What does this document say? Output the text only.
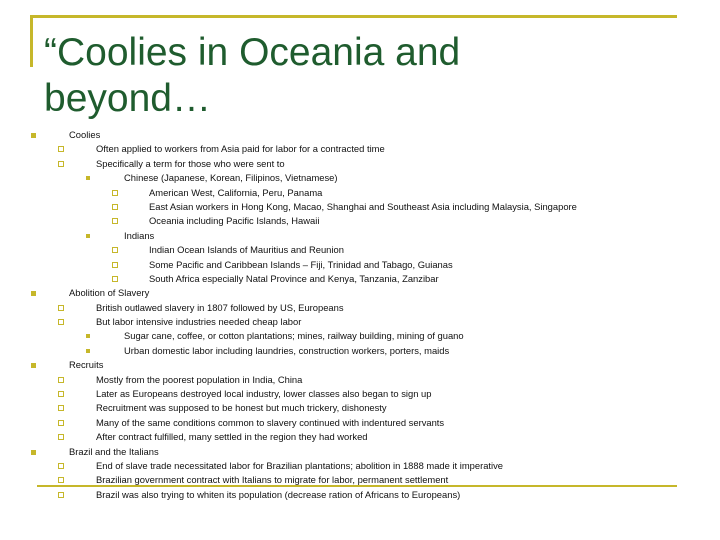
“Coolies in Oceania and
beyond…
Coolies
Often applied to workers from Asia paid for labor for a contracted time
Specifically a term for those who were sent to
Chinese (Japanese, Korean, Filipinos, Vietnamese)
American West, California, Peru, Panama
East Asian workers in Hong Kong, Macao, Shanghai and Southeast Asia including Malaysia, Singapore
Oceania including Pacific Islands, Hawaii
Indians
Indian Ocean Islands of Mauritius and Reunion
Some Pacific and Caribbean Islands – Fiji, Trinidad and Tabago, Guianas
South Africa especially Natal Province and Kenya, Tanzania, Zanzibar
Abolition of Slavery
British outlawed slavery in 1807 followed by US, Europeans
But labor intensive industries needed cheap labor
Sugar cane, coffee, or cotton plantations; mines, railway building, mining of guano
Urban domestic labor including laundries, construction workers, porters, maids
Recruits
Mostly from the poorest population in India, China
Later as Europeans destroyed local industry, lower classes also began to sign up
Recruitment was supposed to be honest but much trickery, dishonesty
Many of the same conditions common to slavery continued with indentured servants
After contract fulfilled, many settled in the region they had worked
Brazil and the Italians
End of slave trade necessitated labor for Brazilian plantations; abolition in 1888 made it imperative
Brazilian government contract with Italians to migrate for labor, permanent settlement
Brazil was also trying to whiten its population (decrease ration of Africans to Europeans)
